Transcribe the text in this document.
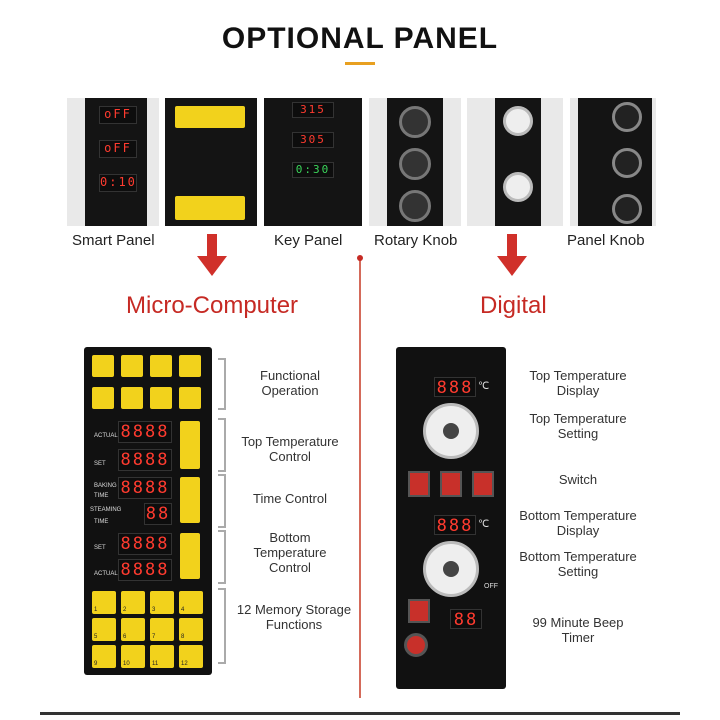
OPTIONAL PANEL
oFF
oFF
0:10
315
305
0:30
Smart Panel	Key Panel Rotary Knob	Panel Knob
Micro-Computer	Digital
ACTUAL 8888
SET 8888
BAKING
TIME 8888
STEAMING
TIME 88
SET 8888
ACTUAL 8888
1	2	3	4
5	6	7	8
9	10	11	12
Functional Operation
Top Temperature Control
Time Control
Bottom Temperature Control
12 Memory Storage Functions
888 ℃
888 ℃
OFF
88
Top Temperature Display
Top Temperature Setting
Switch
Bottom Temperature Display
Bottom Temperature Setting
99 Minute Beep Timer
